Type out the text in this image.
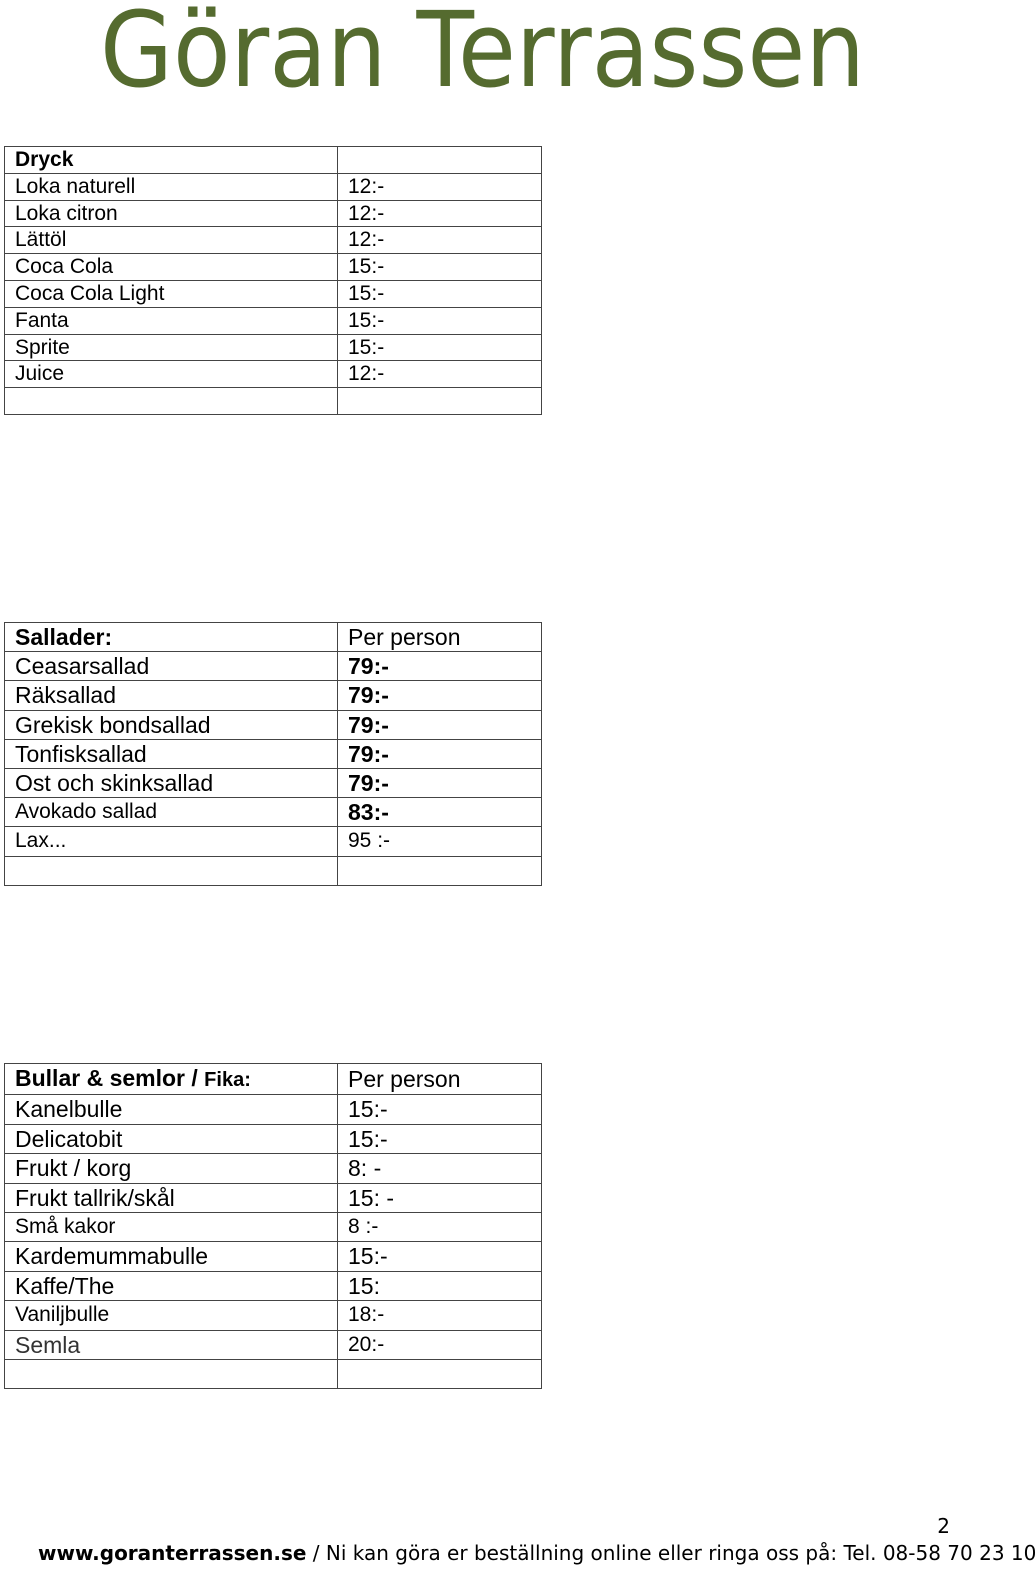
Göran Terrassen
Dryck	
Loka naturell	12:-
Loka citron	12:-
Lättöl	12:-
Coca Cola	15:-
Coca Cola Light	15:-
Fanta	15:-
Sprite	15:-
Juice	12:-

Sallader:	Per person
Ceasarsallad	79:-
Räksallad	79:-
Grekisk bondsallad	79:-
Tonfisksallad	79:-
Ost och skinksallad	79:-
Avokado sallad	83:-
Lax...	95 :-

Bullar & semlor / Fika:	Per person
Kanelbulle	15:-
Delicatobit	15:-
Frukt / korg	8: -
Frukt tallrik/skål	15: -
Små kakor	8 :-
Kardemummabulle	15:-
Kaffe/The	15:
Vaniljbulle	18:-
Semla	20:-

2
www.goranterrassen.se / Ni kan göra er beställning online eller ringa oss på: Tel. 08-58 70 23 10
